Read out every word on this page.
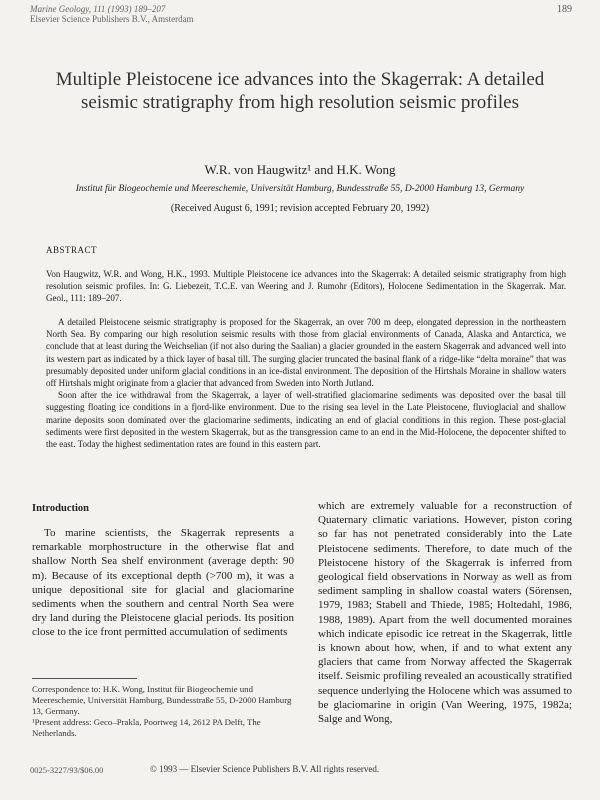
Marine Geology, 111 (1993) 189–207
Elsevier Science Publishers B.V., Amsterdam
189
Multiple Pleistocene ice advances into the Skagerrak: A detailed seismic stratigraphy from high resolution seismic profiles
W.R. von Haugwitz¹ and H.K. Wong
Institut für Biogeochemie und Meereschemie, Universität Hamburg, Bundesstraße 55, D-2000 Hamburg 13, Germany
(Received August 6, 1991; revision accepted February 20, 1992)
ABSTRACT
Von Haugwitz, W.R. and Wong, H.K., 1993. Multiple Pleistocene ice advances into the Skagerrak: A detailed seismic stratigraphy from high resolution seismic profiles. In: G. Liebezeit, T.C.E. van Weering and J. Rumohr (Editors), Holocene Sedimentation in the Skagerrak. Mar. Geol., 111: 189–207.

A detailed Pleistocene seismic stratigraphy is proposed for the Skagerrak, an over 700 m deep, elongated depression in the northeastern North Sea. By comparing our high resolution seismic results with those from glacial environments of Canada, Alaska and Antarctica, we conclude that at least during the Weichselian (if not also during the Saalian) a glacier grounded in the eastern Skagerrak and advanced well into its western part as indicated by a thick layer of basal till. The surging glacier truncated the basinal flank of a ridge-like “delta moraine” that was presumably deposited under uniform glacial conditions in an ice-distal environment. The deposition of the Hirtshals Moraine in shallow waters off Hirtshals might originate from a glacier that advanced from Sweden into North Jutland.

Soon after the ice withdrawal from the Skagerrak, a layer of well-stratified glaciomarine sediments was deposited over the basal till suggesting floating ice conditions in a fjord-like environment. Due to the rising sea level in the Late Pleistocene, fluvioglacial and shallow marine deposits soon dominated over the glaciomarine sediments, indicating an end of glacial conditions in this region. These post-glacial sediments were first deposited in the western Skagerrak, but as the transgression came to an end in the Mid-Holocene, the depocenter shifted to the east. Today the highest sedimentation rates are found in this eastern part.

Introduction

To marine scientists, the Skagerrak represents a remarkable morphostructure in the otherwise flat and shallow North Sea shelf environment (average depth: 90 m). Because of its exceptional depth (>700 m), it was a unique depositional site for glacial and glaciomarine sediments when the southern and central North Sea were dry land during the Pleistocene glacial periods. Its position close to the ice front permitted accumulation of sediments

which are extremely valuable for a reconstruction of Quaternary climatic variations. However, piston coring so far has not penetrated considerably into the Late Pleistocene sediments. Therefore, to date much of the Pleistocene history of the Skagerrak is inferred from geological field observations in Norway as well as from sediment sampling in shallow coastal waters (Sörensen, 1979, 1983; Stabell and Thiede, 1985; Holtedahl, 1986, 1988, 1989). Apart from the well documented moraines which indicate episodic ice retreat in the Skagerrak, little is known about how, when, if and to what extent any glaciers that came from Norway affected the Skagerrak itself. Seismic profiling revealed an acoustically stratified sequence underlying the Holocene which was assumed to be glaciomarine in origin (Van Weering, 1975, 1982a; Salge and Wong,

Correspondence to: H.K. Wong, Institut für Biogeochemie und Meereschemie, Universität Hamburg, Bundesstraße 55, D-2000 Hamburg 13, Germany.

¹Present address: Geco–Prakla, Poortweg 14, 2612 PA Delft, The Netherlands.

0025-3227/93/$06.00	© 1993 — Elsevier Science Publishers B.V. All rights reserved.
